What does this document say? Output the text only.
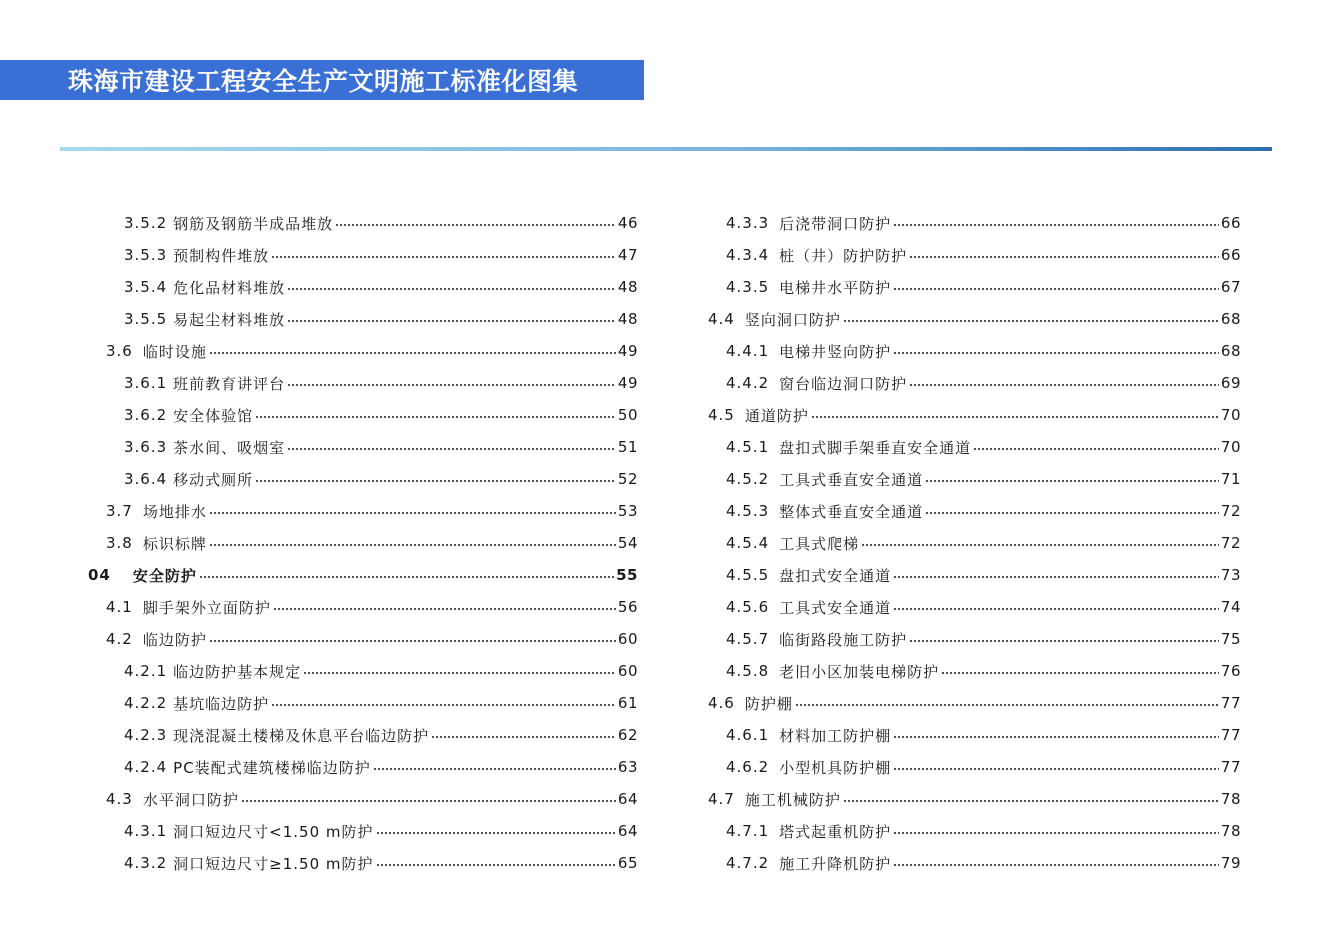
珠海市建设工程安全生产文明施工标准化图集
3.5.2 钢筋及钢筋半成品堆放	46
3.5.3 预制构件堆放	47
3.5.4 危化品材料堆放	48
3.5.5 易起尘材料堆放	48
3.6 临时设施	49
3.6.1 班前教育讲评台	49
3.6.2 安全体验馆	50
3.6.3 茶水间、吸烟室	51
3.6.4 移动式厕所	52
3.7 场地排水	53
3.8 标识标牌	54
04 安全防护	55
4.1 脚手架外立面防护	56
4.2 临边防护	60
4.2.1 临边防护基本规定	60
4.2.2 基坑临边防护	61
4.2.3 现浇混凝土楼梯及休息平台临边防护	62
4.2.4 PC装配式建筑楼梯临边防护	63
4.3 水平洞口防护	64
4.3.1 洞口短边尺寸<1.50 m防护	64
4.3.2 洞口短边尺寸≥1.50 m防护	65
4.3.3 后浇带洞口防护	66
4.3.4 桩（井）防护防护	66
4.3.5 电梯井水平防护	67
4.4 竖向洞口防护	68
4.4.1 电梯井竖向防护	68
4.4.2 窗台临边洞口防护	69
4.5 通道防护	70
4.5.1 盘扣式脚手架垂直安全通道	70
4.5.2 工具式垂直安全通道	71
4.5.3 整体式垂直安全通道	72
4.5.4 工具式爬梯	72
4.5.5 盘扣式安全通道	73
4.5.6 工具式安全通道	74
4.5.7 临街路段施工防护	75
4.5.8 老旧小区加装电梯防护	76
4.6 防护棚	77
4.6.1 材料加工防护棚	77
4.6.2 小型机具防护棚	77
4.7 施工机械防护	78
4.7.1 塔式起重机防护	78
4.7.2 施工升降机防护	79
